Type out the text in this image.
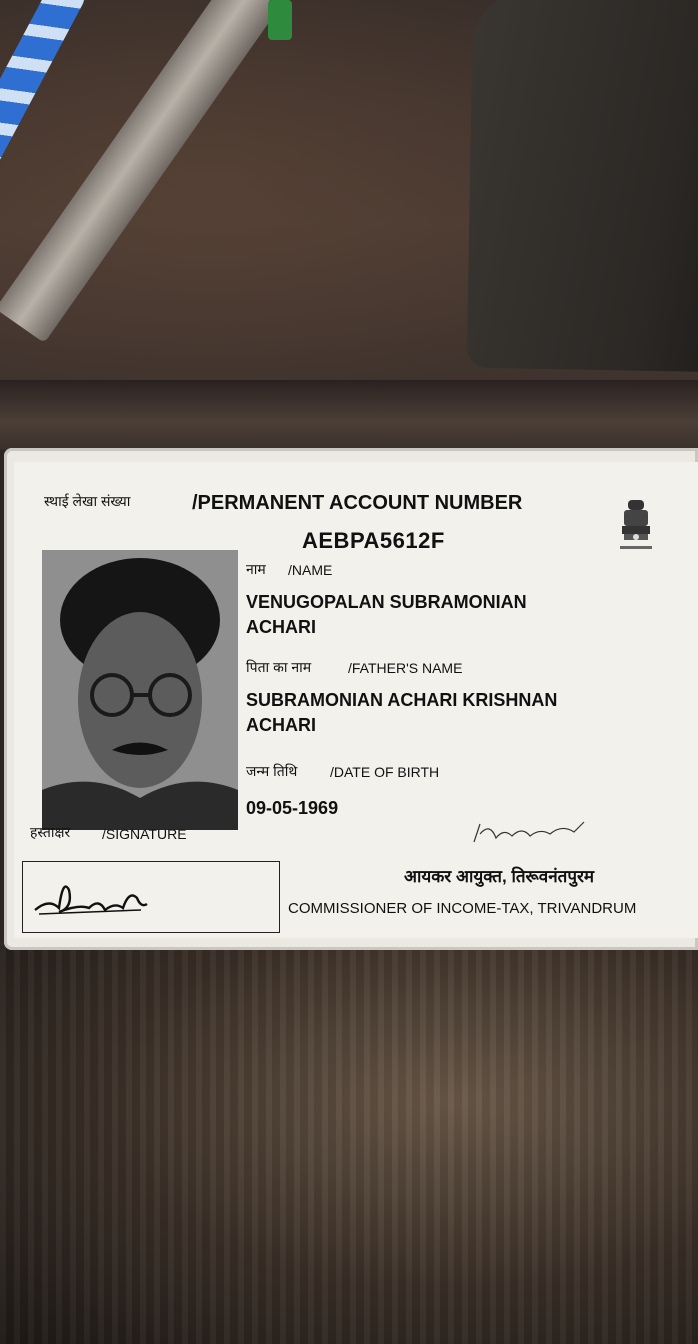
स्थाई लेखा संख्या	/PERMANENT ACCOUNT NUMBER
AEBPA5612F
नाम /NAME
VENUGOPALAN SUBRAMONIAN
ACHARI
पिता का नाम	/FATHER'S NAME
SUBRAMONIAN ACHARI KRISHNAN
ACHARI
जन्म तिथि /DATE OF BIRTH
09-05-1969
हस्ताक्षर /SIGNATURE
आयकर आयुक्त, तिरूवनंतपुरम
COMMISSIONER OF INCOME-TAX, TRIVANDRUM
